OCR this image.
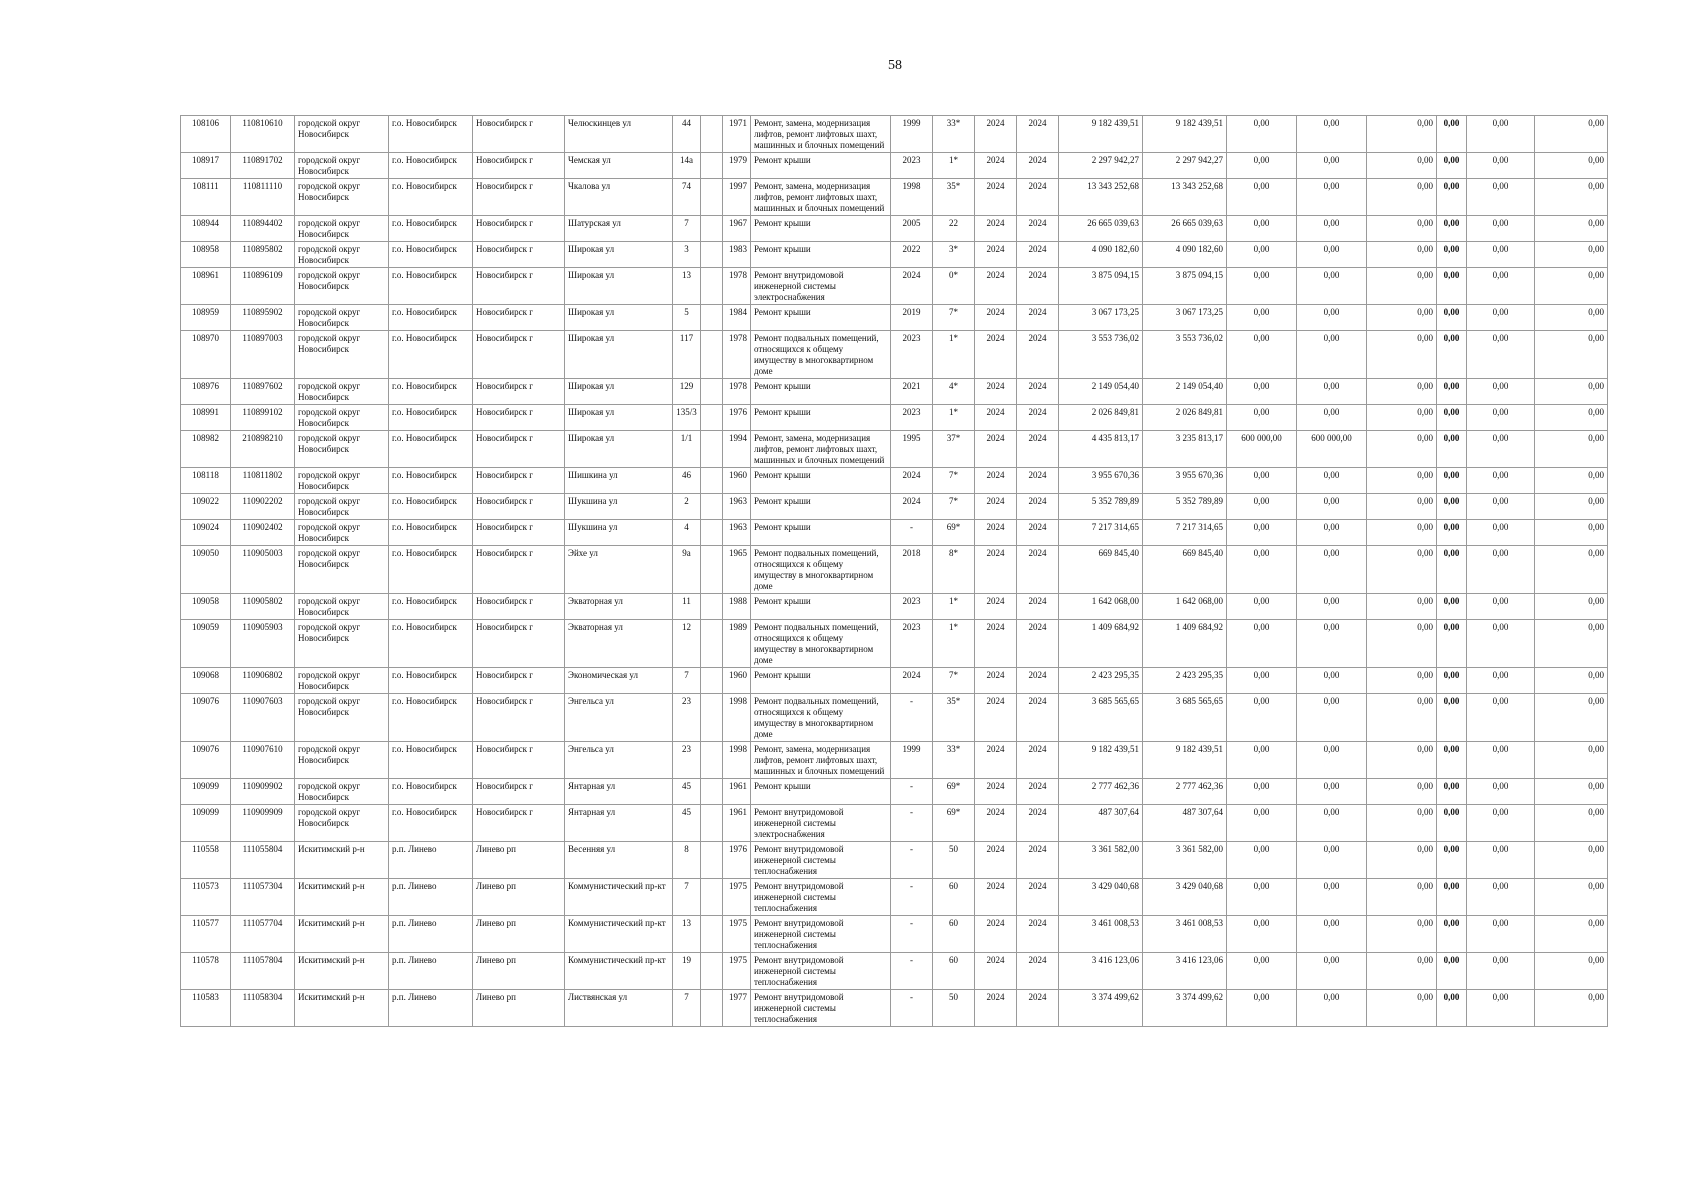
58
108106	110810610	городской округ Новосибирск	г.о. Новосибирск	Новосибирск г	Челюскинцев ул	44		1971	Ремонт, замена, модернизация лифтов, ремонт лифтовых шахт, машинных и блочных помещений	1999	33*	2024	2024	9 182 439,51	9 182 439,51	0,00	0,00	0,00	0,00	0,00	0,00
108917	110891702	городской округ Новосибирск	г.о. Новосибирск	Новосибирск г	Чемская ул	14а		1979	Ремонт крыши	2023	1*	2024	2024	2 297 942,27	2 297 942,27	0,00	0,00	0,00	0,00	0,00	0,00
108111	110811110	городской округ Новосибирск	г.о. Новосибирск	Новосибирск г	Чкалова ул	74		1997	Ремонт, замена, модернизация лифтов, ремонт лифтовых шахт, машинных и блочных помещений	1998	35*	2024	2024	13 343 252,68	13 343 252,68	0,00	0,00	0,00	0,00	0,00	0,00
108944	110894402	городской округ Новосибирск	г.о. Новосибирск	Новосибирск г	Шатурская ул	7		1967	Ремонт крыши	2005	22	2024	2024	26 665 039,63	26 665 039,63	0,00	0,00	0,00	0,00	0,00	0,00
108958	110895802	городской округ Новосибирск	г.о. Новосибирск	Новосибирск г	Широкая ул	3		1983	Ремонт крыши	2022	3*	2024	2024	4 090 182,60	4 090 182,60	0,00	0,00	0,00	0,00	0,00	0,00
108961	110896109	городской округ Новосибирск	г.о. Новосибирск	Новосибирск г	Широкая ул	13		1978	Ремонт внутридомовой инженерной системы электроснабжения	2024	0*	2024	2024	3 875 094,15	3 875 094,15	0,00	0,00	0,00	0,00	0,00	0,00
108959	110895902	городской округ Новосибирск	г.о. Новосибирск	Новосибирск г	Широкая ул	5		1984	Ремонт крыши	2019	7*	2024	2024	3 067 173,25	3 067 173,25	0,00	0,00	0,00	0,00	0,00	0,00
108970	110897003	городской округ Новосибирск	г.о. Новосибирск	Новосибирск г	Широкая ул	117		1978	Ремонт подвальных помещений, относящихся к общему имуществу в многоквартирном доме	2023	1*	2024	2024	3 553 736,02	3 553 736,02	0,00	0,00	0,00	0,00	0,00	0,00
108976	110897602	городской округ Новосибирск	г.о. Новосибирск	Новосибирск г	Широкая ул	129		1978	Ремонт крыши	2021	4*	2024	2024	2 149 054,40	2 149 054,40	0,00	0,00	0,00	0,00	0,00	0,00
108991	110899102	городской округ Новосибирск	г.о. Новосибирск	Новосибирск г	Широкая ул	135/3		1976	Ремонт крыши	2023	1*	2024	2024	2 026 849,81	2 026 849,81	0,00	0,00	0,00	0,00	0,00	0,00
108982	210898210	городской округ Новосибирск	г.о. Новосибирск	Новосибирск г	Широкая ул	1/1		1994	Ремонт, замена, модернизация лифтов, ремонт лифтовых шахт, машинных и блочных помещений	1995	37*	2024	2024	4 435 813,17	3 235 813,17	600 000,00	600 000,00	0,00	0,00	0,00	0,00
108118	110811802	городской округ Новосибирск	г.о. Новосибирск	Новосибирск г	Шишкина ул	46		1960	Ремонт крыши	2024	7*	2024	2024	3 955 670,36	3 955 670,36	0,00	0,00	0,00	0,00	0,00	0,00
109022	110902202	городской округ Новосибирск	г.о. Новосибирск	Новосибирск г	Шукшина ул	2		1963	Ремонт крыши	2024	7*	2024	2024	5 352 789,89	5 352 789,89	0,00	0,00	0,00	0,00	0,00	0,00
109024	110902402	городской округ Новосибирск	г.о. Новосибирск	Новосибирск г	Шукшина ул	4		1963	Ремонт крыши	-	69*	2024	2024	7 217 314,65	7 217 314,65	0,00	0,00	0,00	0,00	0,00	0,00
109050	110905003	городской округ Новосибирск	г.о. Новосибирск	Новосибирск г	Эйхе ул	9а		1965	Ремонт подвальных помещений, относящихся к общему имуществу в многоквартирном доме	2018	8*	2024	2024	669 845,40	669 845,40	0,00	0,00	0,00	0,00	0,00	0,00
109058	110905802	городской округ Новосибирск	г.о. Новосибирск	Новосибирск г	Экваторная ул	11		1988	Ремонт крыши	2023	1*	2024	2024	1 642 068,00	1 642 068,00	0,00	0,00	0,00	0,00	0,00	0,00
109059	110905903	городской округ Новосибирск	г.о. Новосибирск	Новосибирск г	Экваторная ул	12		1989	Ремонт подвальных помещений, относящихся к общему имуществу в многоквартирном доме	2023	1*	2024	2024	1 409 684,92	1 409 684,92	0,00	0,00	0,00	0,00	0,00	0,00
109068	110906802	городской округ Новосибирск	г.о. Новосибирск	Новосибирск г	Экономическая ул	7		1960	Ремонт крыши	2024	7*	2024	2024	2 423 295,35	2 423 295,35	0,00	0,00	0,00	0,00	0,00	0,00
109076	110907603	городской округ Новосибирск	г.о. Новосибирск	Новосибирск г	Энгельса ул	23		1998	Ремонт подвальных помещений, относящихся к общему имуществу в многоквартирном доме	-	35*	2024	2024	3 685 565,65	3 685 565,65	0,00	0,00	0,00	0,00	0,00	0,00
109076	110907610	городской округ Новосибирск	г.о. Новосибирск	Новосибирск г	Энгельса ул	23		1998	Ремонт, замена, модернизация лифтов, ремонт лифтовых шахт, машинных и блочных помещений	1999	33*	2024	2024	9 182 439,51	9 182 439,51	0,00	0,00	0,00	0,00	0,00	0,00
109099	110909902	городской округ Новосибирск	г.о. Новосибирск	Новосибирск г	Янтарная ул	45		1961	Ремонт крыши	-	69*	2024	2024	2 777 462,36	2 777 462,36	0,00	0,00	0,00	0,00	0,00	0,00
109099	110909909	городской округ Новосибирск	г.о. Новосибирск	Новосибирск г	Янтарная ул	45		1961	Ремонт внутридомовой инженерной системы электроснабжения	-	69*	2024	2024	487 307,64	487 307,64	0,00	0,00	0,00	0,00	0,00	0,00
110558	111055804	Искитимский р-н	р.п. Линево	Линево рп	Весенняя ул	8		1976	Ремонт внутридомовой инженерной системы теплоснабжения	-	50	2024	2024	3 361 582,00	3 361 582,00	0,00	0,00	0,00	0,00	0,00	0,00
110573	111057304	Искитимский р-н	р.п. Линево	Линево рп	Коммунистический пр-кт	7		1975	Ремонт внутридомовой инженерной системы теплоснабжения	-	60	2024	2024	3 429 040,68	3 429 040,68	0,00	0,00	0,00	0,00	0,00	0,00
110577	111057704	Искитимский р-н	р.п. Линево	Линево рп	Коммунистический пр-кт	13		1975	Ремонт внутридомовой инженерной системы теплоснабжения	-	60	2024	2024	3 461 008,53	3 461 008,53	0,00	0,00	0,00	0,00	0,00	0,00
110578	111057804	Искитимский р-н	р.п. Линево	Линево рп	Коммунистический пр-кт	19		1975	Ремонт внутридомовой инженерной системы теплоснабжения	-	60	2024	2024	3 416 123,06	3 416 123,06	0,00	0,00	0,00	0,00	0,00	0,00
110583	111058304	Искитимский р-н	р.п. Линево	Линево рп	Листвянская ул	7		1977	Ремонт внутридомовой инженерной системы теплоснабжения	-	50	2024	2024	3 374 499,62	3 374 499,62	0,00	0,00	0,00	0,00	0,00	0,00
